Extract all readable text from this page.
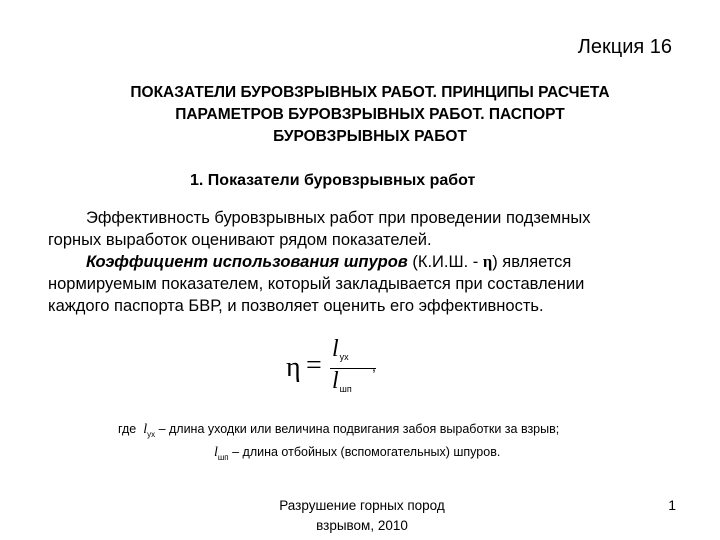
Лекция 16
ПОКАЗАТЕЛИ БУРОВЗРЫВНЫХ РАБОТ. ПРИНЦИПЫ РАСЧЕТА
ПАРАМЕТРОВ БУРОВЗРЫВНЫХ РАБОТ. ПАСПОРТ
БУРОВЗРЫВНЫХ РАБОТ
1. Показатели буровзрывных работ
Эффективность буровзрывных работ при проведении подземных
горных выработок оценивают рядом показателей.
Коэффициент использования шпуров (К.И.Ш. - η) является
нормируемым показателем, который закладывается при составлении
каждого паспорта БВР, и позволяет оценить его эффективность.
η =
lух
lшп
,
где $l_{ух}$ – длина уходки или величина подвигания забоя выработки за взрыв;
$l_{шп}$ – длина отбойных (вспомогательных) шпуров.
Разрушение горных пород
взрывом, 2010
1
